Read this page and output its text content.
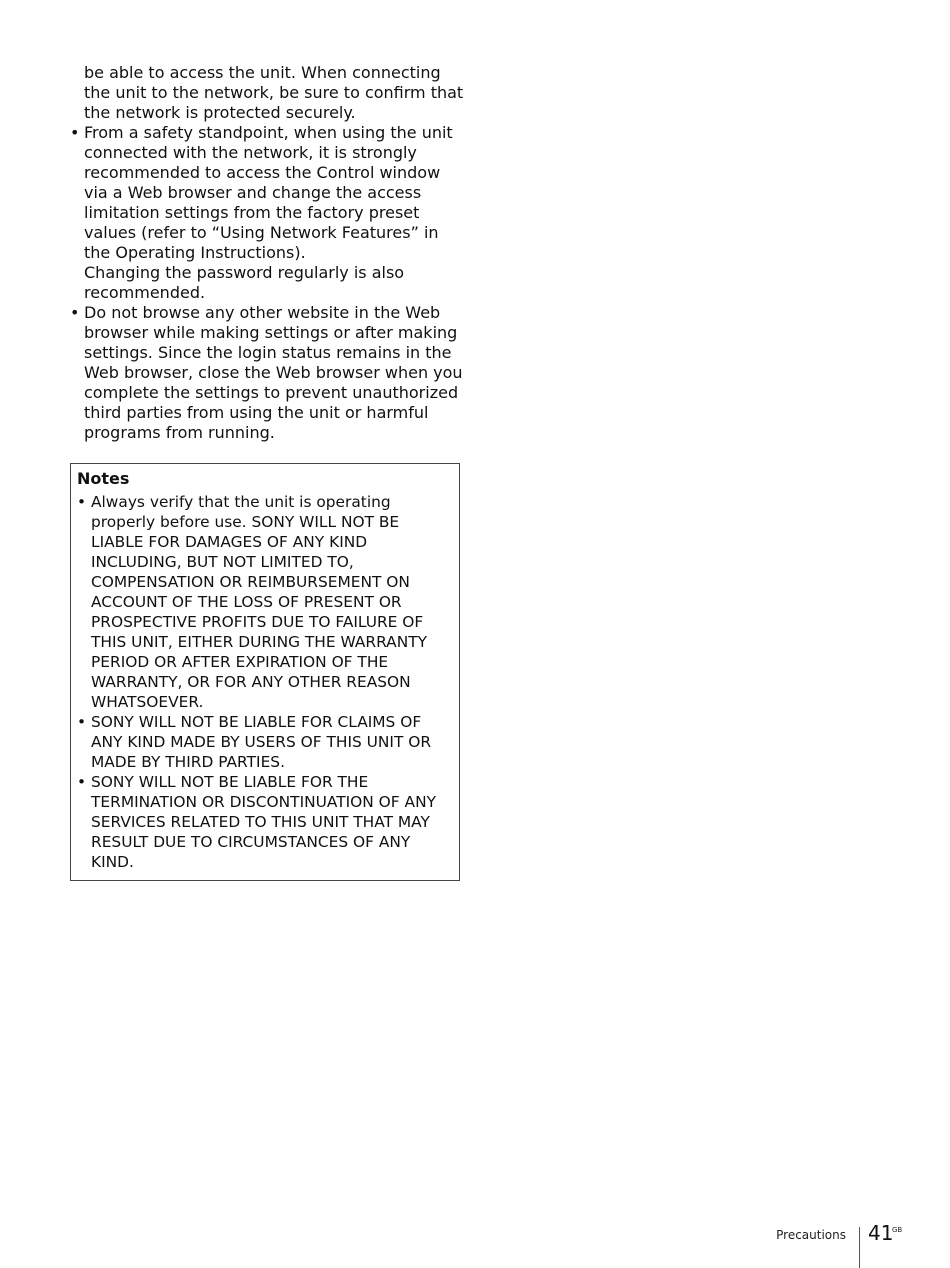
be able to access the unit. When connecting the unit to the network, be sure to confirm that the network is protected securely.

• From a safety standpoint, when using the unit connected with the network, it is strongly recommended to access the Control window via a Web browser and change the access limitation settings from the factory preset values (refer to “Using Network Features” in the Operating Instructions).
Changing the password regularly is also recommended.
• Do not browse any other website in the Web browser while making settings or after making settings. Since the login status remains in the Web browser, close the Web browser when you complete the settings to prevent unauthorized third parties from using the unit or harmful programs from running.
Notes
• Always verify that the unit is operating properly before use. SONY WILL NOT BE LIABLE FOR DAMAGES OF ANY KIND INCLUDING, BUT NOT LIMITED TO, COMPENSATION OR REIMBURSEMENT ON ACCOUNT OF THE LOSS OF PRESENT OR PROSPECTIVE PROFITS DUE TO FAILURE OF THIS UNIT, EITHER DURING THE WARRANTY PERIOD OR AFTER EXPIRATION OF THE WARRANTY, OR FOR ANY OTHER REASON WHATSOEVER.
• SONY WILL NOT BE LIABLE FOR CLAIMS OF ANY KIND MADE BY USERS OF THIS UNIT OR MADE BY THIRD PARTIES.
• SONY WILL NOT BE LIABLE FOR THE TERMINATION OR DISCONTINUATION OF ANY SERVICES RELATED TO THIS UNIT THAT MAY RESULT DUE TO CIRCUMSTANCES OF ANY KIND.
Precautions 41
GB
